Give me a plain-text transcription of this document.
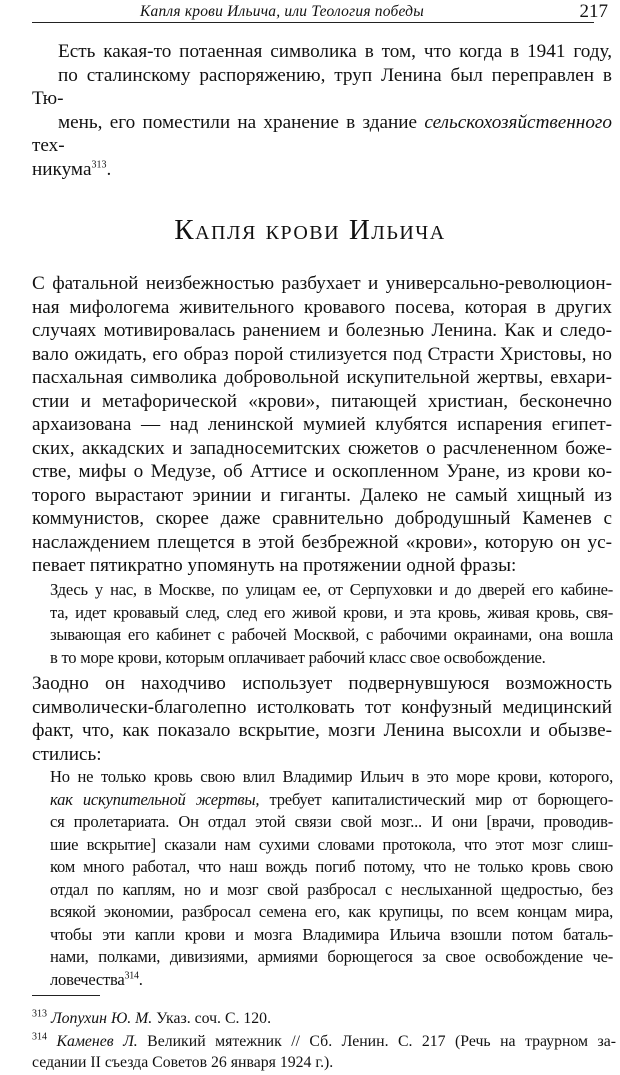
Капля крови Ильича, или Теология победы	217
Есть какая-то потаенная символика в том, что когда в 1941 году,
по сталинскому распоряжению, труп Ленина был переправлен в Тю-
мень, его поместили на хранение в здание сельскохозяйственного тех-
никума$^{313}$.
Капля крови Ильича
С фатальной неизбежностью разбухает и универсально-революцион-
ная мифологема живительного кровавого посева, которая в других
случаях мотивировалась ранением и болезнью Ленина. Как и следо-
вало ожидать, его образ порой стилизуется под Страсти Христовы, но
пасхальная символика добровольной искупительной жертвы, евхари-
стии и метафорической «крови», питающей христиан, бесконечно
архаизована — над ленинской мумией клубятся испарения египет-
ских, аккадских и западносемитских сюжетов о расчлененном боже-
стве, мифы о Медузе, об Аттисе и оскопленном Уране, из крови ко-
торого вырастают эринии и гиганты. Далеко не самый хищный из
коммунистов, скорее даже сравнительно добродушный Каменев с
наслаждением плещется в этой безбрежной «крови», которую он ус-
певает пятикратно упомянуть на протяжении одной фразы:
Здесь у нас, в Москве, по улицам ее, от Серпуховки и до дверей его кабине-
та, идет кровавый след, след его живой крови, и эта кровь, живая кровь, свя-
зывающая его кабинет с рабочей Москвой, с рабочими окраинами, она вошла
в то море крови, которым оплачивает рабочий класс свое освобождение.
Заодно он находчиво использует подвернувшуюся возможность
символически-благолепно истолковать тот конфузный медицинский
факт, что, как показало вскрытие, мозги Ленина высохли и обызве-
стились:
Но не только кровь свою влил Владимир Ильич в это море крови, которого,
как искупительной жертвы, требует капиталистический мир от борющего-
ся пролетариата. Он отдал этой связи свой мозг... И они [врачи, проводив-
шие вскрытие] сказали нам сухими словами протокола, что этот мозг слиш-
ком много работал, что наш вождь погиб потому, что не только кровь свою
отдал по каплям, но и мозг свой разбросал с неслыханной щедростью, без
всякой экономии, разбросал семена его, как крупицы, по всем концам мира,
чтобы эти капли крови и мозга Владимира Ильича взошли потом баталь-
нами, полками, дивизиями, армиями борющегося за свое освобождение че-
ловечества$^{314}$.
$^{313}$ Лопухин Ю. М. Указ. соч. С. 120.
$^{314}$ Каменев Л. Великий мятежник // Сб. Ленин. С. 217 (Речь на траурном за-
седании II съезда Советов 26 января 1924 г.).
